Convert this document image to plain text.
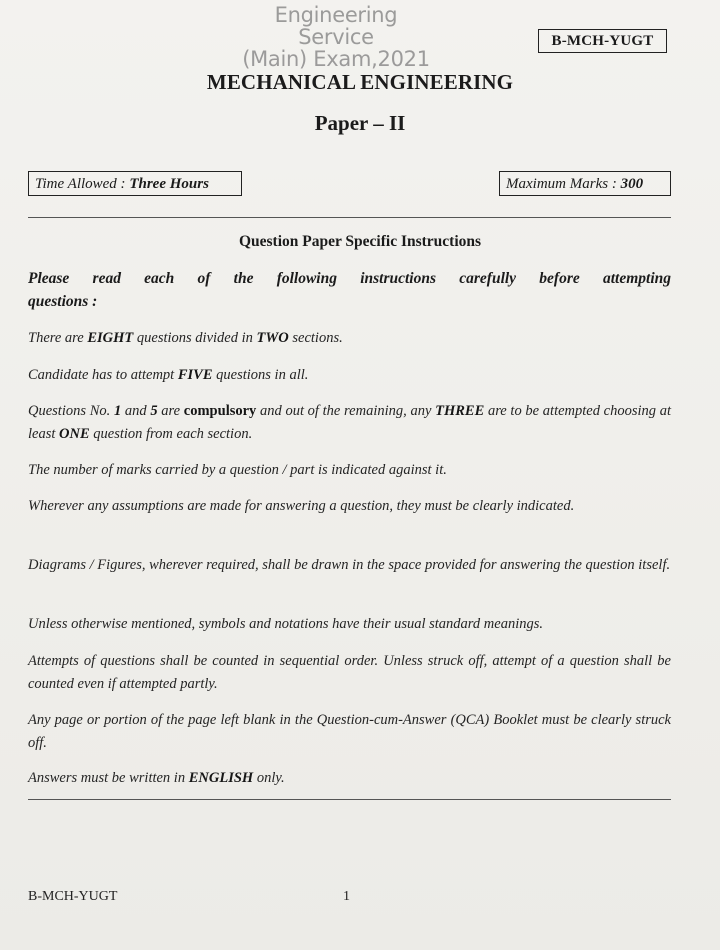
Engineering Service
(Main) Exam,2021
B-MCH-YUGT
MECHANICAL ENGINEERING
Paper – II
Time Allowed : Three Hours	Maximum Marks : 300
Question Paper Specific Instructions
Please read each of the following instructions carefully before attempting
questions :
There are EIGHT questions divided in TWO sections.
Candidate has to attempt FIVE questions in all.
Questions No. 1 and 5 are compulsory and out of the remaining, any THREE are to be attempted choosing at least ONE question from each section.
The number of marks carried by a question / part is indicated against it.
Wherever any assumptions are made for answering a question, they must be clearly indicated.
Diagrams / Figures, wherever required, shall be drawn in the space provided for answering the question itself.
Unless otherwise mentioned, symbols and notations have their usual standard meanings.
Attempts of questions shall be counted in sequential order. Unless struck off, attempt of a question shall be counted even if attempted partly.
Any page or portion of the page left blank in the Question-cum-Answer (QCA) Booklet must be clearly struck off.
Answers must be written in ENGLISH only.
B-MCH-YUGT	1
